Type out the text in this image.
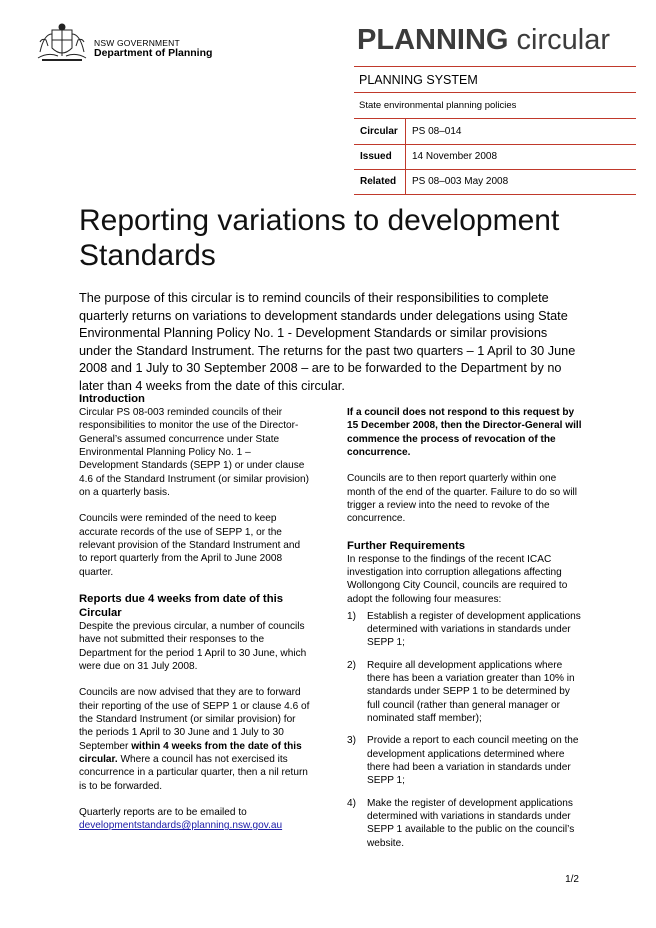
NSW GOVERNMENT
Department of Planning	PLANNING circular
PLANNING SYSTEM
State environmental planning policies
Circular	PS 08–014
Issued	14 November 2008
Related	PS 08–003 May 2008
Reporting variations to development
Standards

The purpose of this circular is to remind councils of their responsibilities to complete quarterly returns on variations to development standards under delegations using State Environmental Planning Policy No. 1 - Development Standards or similar provisions under the Standard Instrument. The returns for the past two quarters – 1 April to 30 June 2008 and 1 July to 30 September 2008 – are to be forwarded to the Department by no later than 4 weeks from the date of this circular.

Introduction

Circular PS 08-003 reminded councils of their responsibilities to monitor the use of the Director-General’s assumed concurrence under State Environmental Planning Policy No. 1 – Development Standards (SEPP 1) or under clause 4.6 of the Standard Instrument (or similar provision) on a quarterly basis.

Councils were reminded of the need to keep accurate records of the use of SEPP 1, or the relevant provision of the Standard Instrument and to report quarterly from the April to June 2008 quarter.

Reports due 4 weeks from date of this Circular

Despite the previous circular, a number of councils have not submitted their responses to the Department for the period 1 April to 30 June, which were due on 31 July 2008.

Councils are now advised that they are to forward their reporting of the use of SEPP 1 or clause 4.6 of the Standard Instrument (or similar provision) for the periods 1 April to 30 June and 1 July to 30 September within 4 weeks from the date of this circular. Where a council has not exercised its concurrence in a particular quarter, then a nil return is to be forwarded.

Quarterly reports are to be emailed to
developmentstandards@planning.nsw.gov.au

If a council does not respond to this request by 15 December 2008, then the Director-General will commence the process of revocation of the concurrence.

Councils are to then report quarterly within one month of the end of the quarter. Failure to do so will trigger a review into the need to revoke of the concurrence.

Further Requirements

In response to the findings of the recent ICAC investigation into corruption allegations affecting Wollongong City Council, councils are required to adopt the following four measures:

1)	Establish a register of development applications determined with variations in standards under SEPP 1;
2)	Require all development applications where there has been a variation greater than 10% in standards under SEPP 1 to be determined by full council (rather than general manager or nominated staff member);
3)	Provide a report to each council meeting on the development applications determined where there had been a variation in standards under SEPP 1;
4)	Make the register of development applications determined with variations in standards under SEPP 1 available to the public on the council’s website.
1/2
